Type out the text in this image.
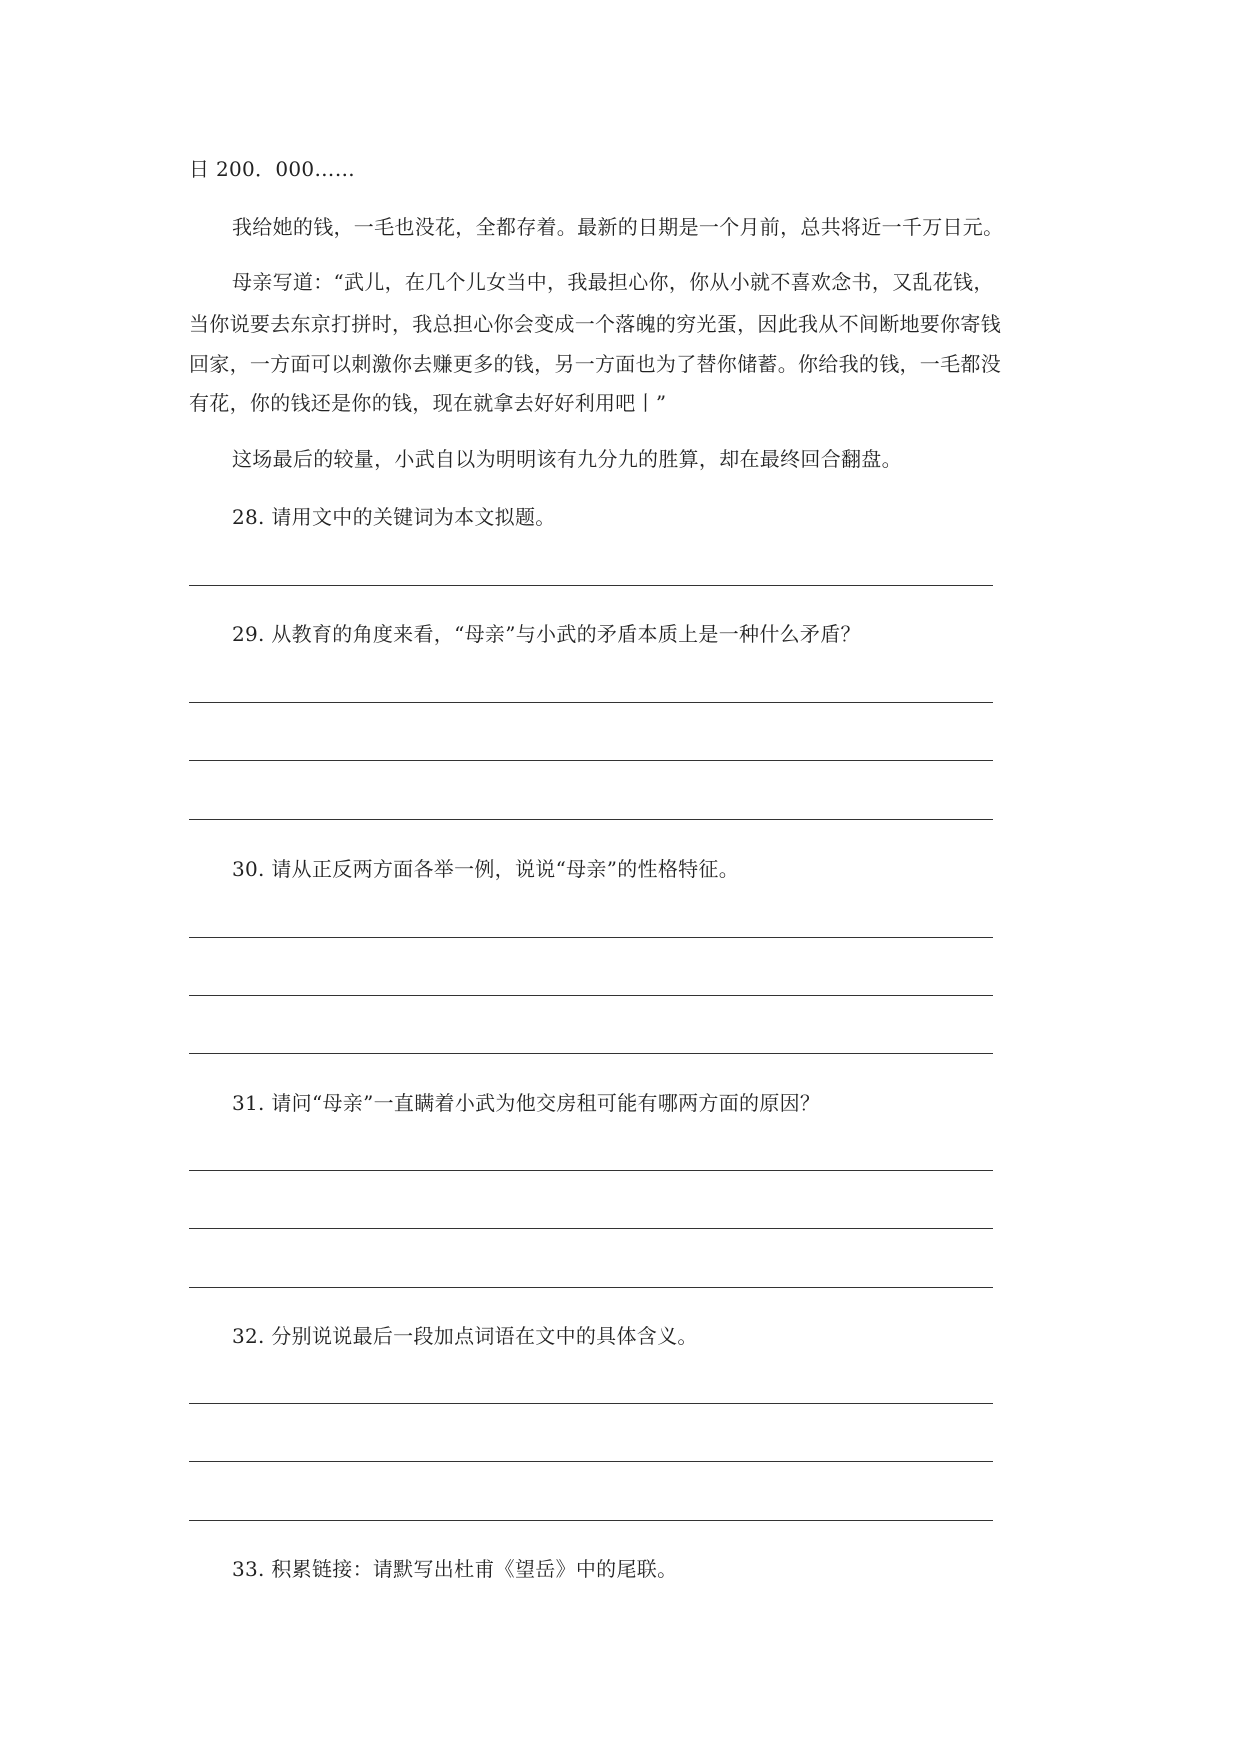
日 200．000……
我给她的钱，一毛也没花，全都存着。最新的日期是一个月前，总共将近一千万日元。
母亲写道：“武儿，在几个儿女当中，我最担心你，你从小就不喜欢念书，又乱花钱，
当你说要去东京打拼时，我总担心你会变成一个落魄的穷光蛋，因此我从不间断地要你寄钱
回家，一方面可以刺激你去赚更多的钱，另一方面也为了替你储蓄。你给我的钱，一毛都没
有花，你的钱还是你的钱，现在就拿去好好利用吧丨”
这场最后的较量，小武自以为明明该有九分九的胜算，却在最终回合翻盘。
28. 请用文中的关键词为本文拟题。
29. 从教育的角度来看，“母亲”与小武的矛盾本质上是一种什么矛盾？
30. 请从正反两方面各举一例，说说“母亲”的性格特征。
31. 请问“母亲”一直瞒着小武为他交房租可能有哪两方面的原因？
32. 分别说说最后一段加点词语在文中的具体含义。
33. 积累链接：请默写出杜甫《望岳》中的尾联。
